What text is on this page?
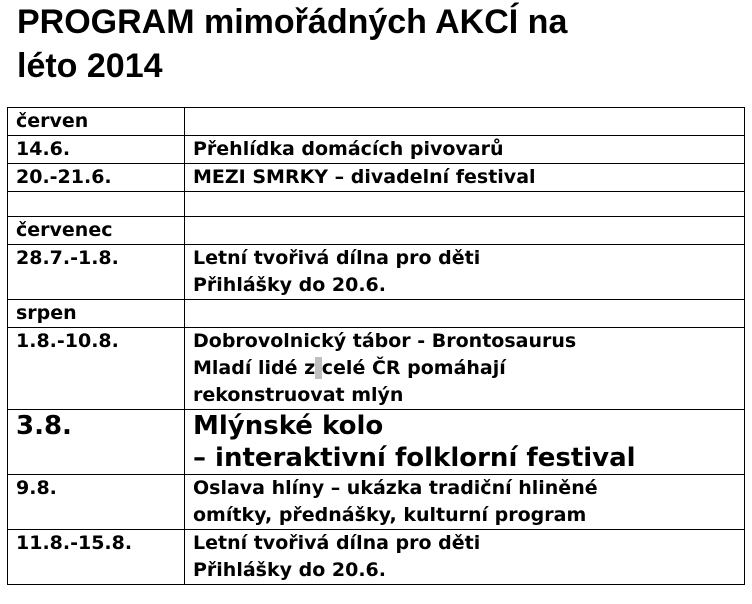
PROGRAM mimořádných AKCÍ na
léto 2014
červen	
14.6.	Přehlídka domácích pivovarů
20.-21.6.	MEZI SMRKY – divadelní festival

červenec	
28.7.-1.8.	Letní tvořivá dílna pro děti
Přihlášky do 20.6.

srpen	
1.8.-10.8.	Dobrovolnický tábor - Brontosaurus
Mladí lidé z celé ČR pomáhají
rekonstruovat mlýn

3.8.	Mlýnské kolo
– interaktivní folklorní festival

9.8.	Oslava hlíny – ukázka tradiční hliněné
omítky, přednášky, kulturní program

11.8.-15.8.	Letní tvořivá dílna pro děti
Přihlášky do 20.6.
